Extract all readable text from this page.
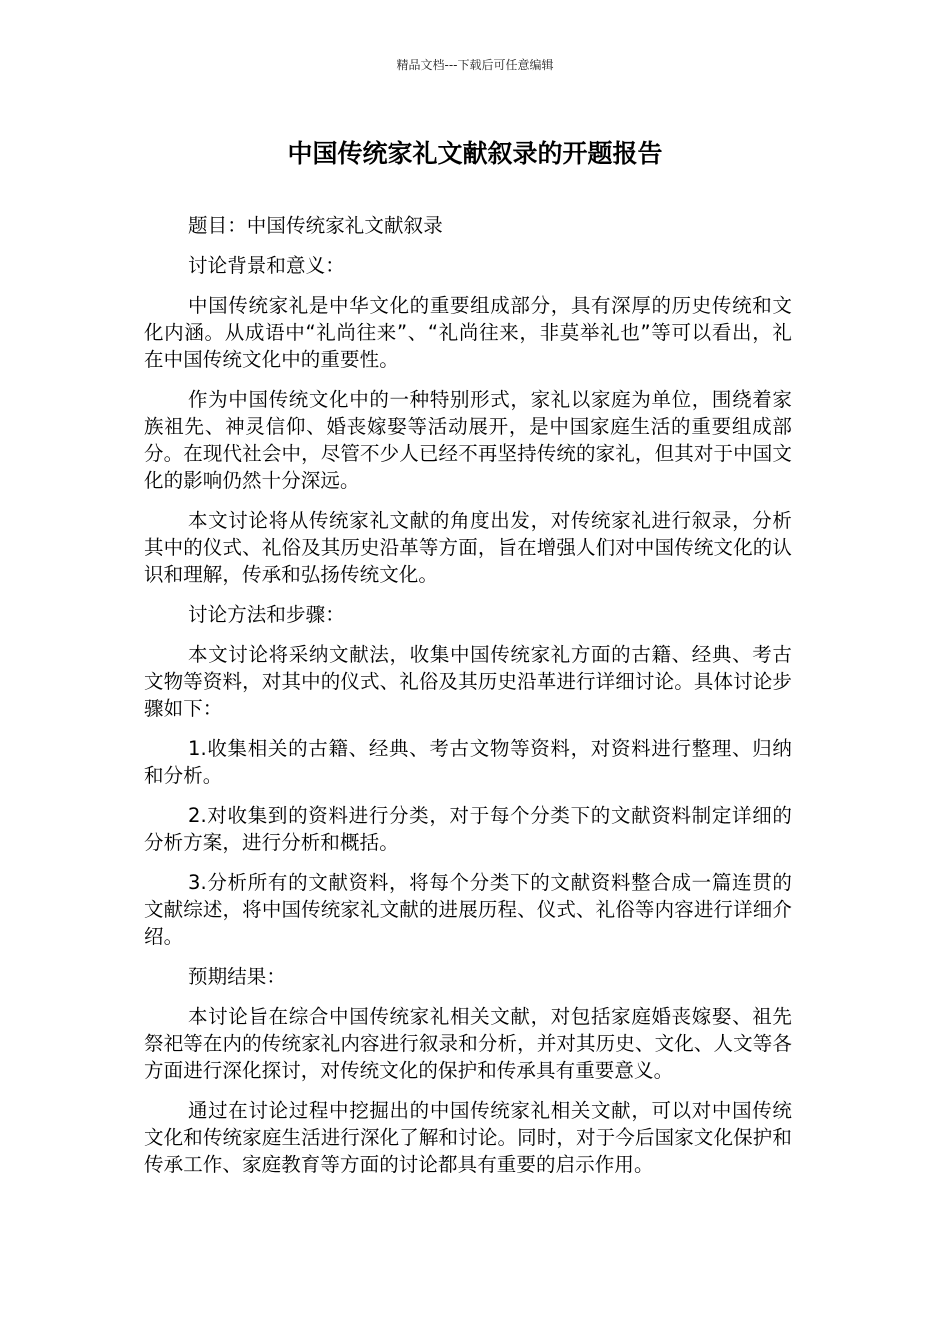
精品文档---下载后可任意编辑
中国传统家礼文献叙录的开题报告

题目：中国传统家礼文献叙录

讨论背景和意义：

中国传统家礼是中华文化的重要组成部分，具有深厚的历史传统和文化内涵。从成语中“礼尚往来”、“礼尚往来，非莫举礼也”等可以看出，礼在中国传统文化中的重要性。

作为中国传统文化中的一种特别形式，家礼以家庭为单位，围绕着家族祖先、神灵信仰、婚丧嫁娶等活动展开，是中国家庭生活的重要组成部分。在现代社会中，尽管不少人已经不再坚持传统的家礼，但其对于中国文化的影响仍然十分深远。

本文讨论将从传统家礼文献的角度出发，对传统家礼进行叙录，分析其中的仪式、礼俗及其历史沿革等方面，旨在增强人们对中国传统文化的认识和理解，传承和弘扬传统文化。

讨论方法和步骤：

本文讨论将采纳文献法，收集中国传统家礼方面的古籍、经典、考古文物等资料，对其中的仪式、礼俗及其历史沿革进行详细讨论。具体讨论步骤如下：

1.收集相关的古籍、经典、考古文物等资料，对资料进行整理、归纳和分析。

2.对收集到的资料进行分类，对于每个分类下的文献资料制定详细的分析方案，进行分析和概括。

3.分析所有的文献资料，将每个分类下的文献资料整合成一篇连贯的文献综述，将中国传统家礼文献的进展历程、仪式、礼俗等内容进行详细介绍。

预期结果：

本讨论旨在综合中国传统家礼相关文献，对包括家庭婚丧嫁娶、祖先祭祀等在内的传统家礼内容进行叙录和分析，并对其历史、文化、人文等各方面进行深化探讨，对传统文化的保护和传承具有重要意义。

通过在讨论过程中挖掘出的中国传统家礼相关文献，可以对中国传统文化和传统家庭生活进行深化了解和讨论。同时，对于今后国家文化保护和传承工作、家庭教育等方面的讨论都具有重要的启示作用。
